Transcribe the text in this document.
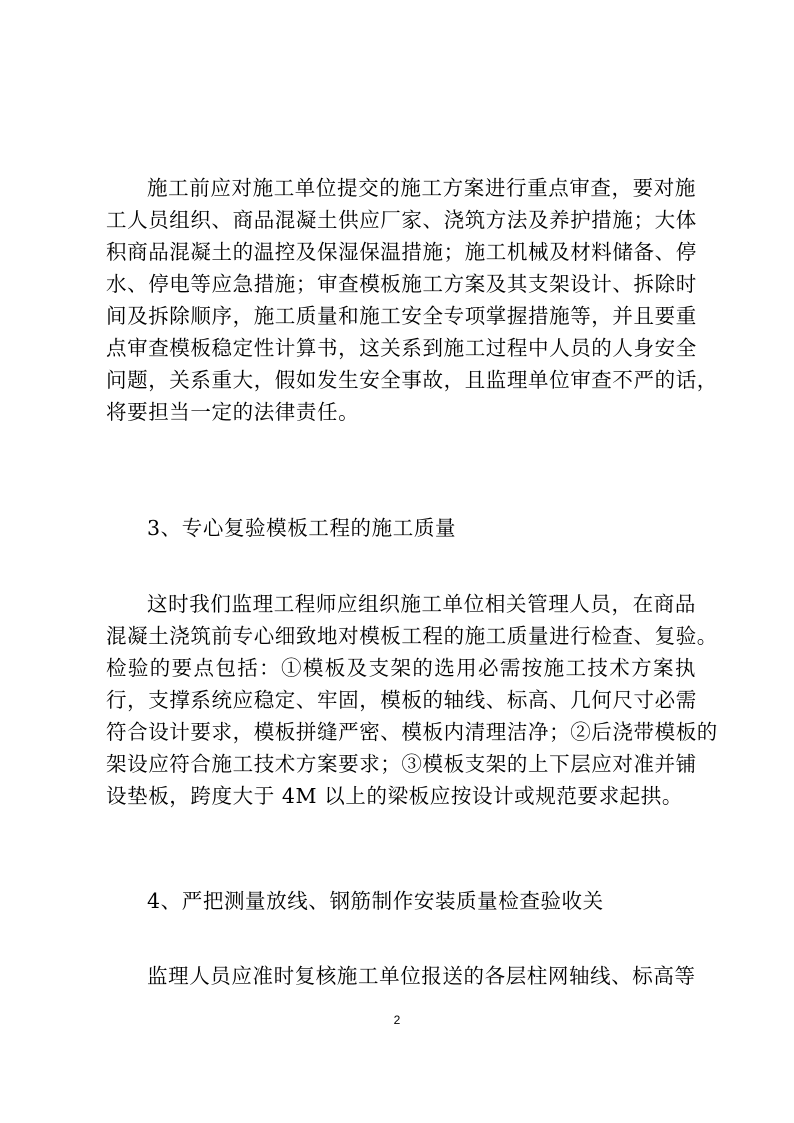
施工前应对施工单位提交的施工方案进行重点审查，要对施
工人员组织、商品混凝土供应厂家、浇筑方法及养护措施；大体
积商品混凝土的温控及保湿保温措施；施工机械及材料储备、停
水、停电等应急措施；审查模板施工方案及其支架设计、拆除时
间及拆除顺序，施工质量和施工安全专项掌握措施等，并且要重
点审查模板稳定性计算书，这关系到施工过程中人员的人身安全
问题，关系重大，假如发生安全事故，且监理单位审查不严的话，
将要担当一定的法律责任。
3、专心复验模板工程的施工质量
这时我们监理工程师应组织施工单位相关管理人员，在商品
混凝土浇筑前专心细致地对模板工程的施工质量进行检查、复验。
检验的要点包括：①模板及支架的选用必需按施工技术方案执
行，支撑系统应稳定、牢固，模板的轴线、标高、几何尺寸必需
符合设计要求，模板拼缝严密、模板内清理洁净；②后浇带模板的
架设应符合施工技术方案要求；③模板支架的上下层应对准并铺
设垫板，跨度大于 4M 以上的梁板应按设计或规范要求起拱。
4、严把测量放线、钢筋制作安装质量检查验收关
监理人员应准时复核施工单位报送的各层柱网轴线、标高等
2
